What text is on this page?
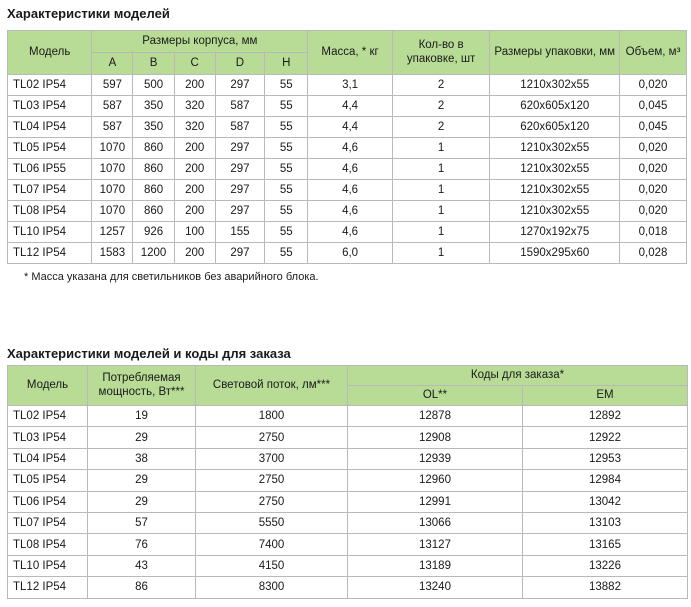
Характеристики моделей
Модель	Размеры корпуса, мм					Масса, * кг	Кол-во в упаковке, шт	Размеры упаковки, мм	Объем, м³
	A	B	C	D	H				
TL02 IP54	597	500	200	297	55	3,1	2	1210x302x55	0,020
TL03 IP54	587	350	320	587	55	4,4	2	620x605x120	0,045
TL04 IP54	587	350	320	587	55	4,4	2	620x605x120	0,045
TL05 IP54	1070	860	200	297	55	4,6	1	1210x302x55	0,020
TL06 IP55	1070	860	200	297	55	4,6	1	1210x302x55	0,020
TL07 IP54	1070	860	200	297	55	4,6	1	1210x302x55	0,020
TL08 IP54	1070	860	200	297	55	4,6	1	1210x302x55	0,020
TL10 IP54	1257	926	100	155	55	4,6	1	1270x192x75	0,018
TL12 IP54	1583	1200	200	297	55	6,0	1	1590x295x60	0,028
* Масса указана для светильников без аварийного блока.
Характеристики моделей и коды для заказа
Модель	Потребляемая мощность, Вт***	Световой поток, лм***	Коды для заказа*	
			OL**	EM
TL02 IP54	19	1800	12878	12892
TL03 IP54	29	2750	12908	12922
TL04 IP54	38	3700	12939	12953
TL05 IP54	29	2750	12960	12984
TL06 IP54	29	2750	12991	13042
TL07 IP54	57	5550	13066	13103
TL08 IP54	76	7400	13127	13165
TL10 IP54	43	4150	13189	13226
TL12 IP54	86	8300	13240	13882
